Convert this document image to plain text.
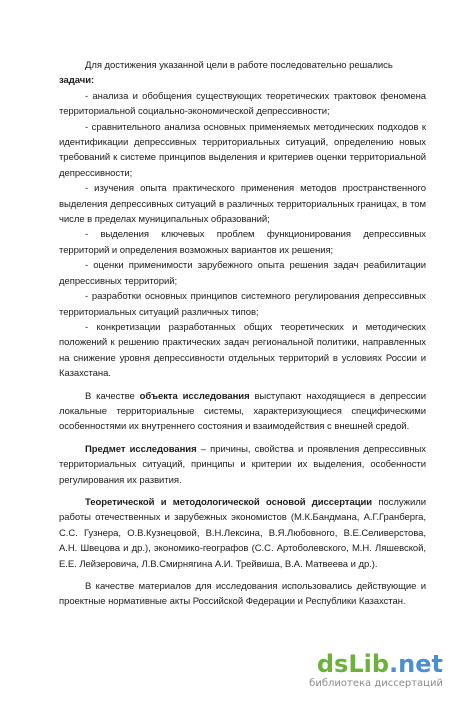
Для достижения указанной цели в работе последовательно решались

задачи:

- анализа и обобщения существующих теоретических трактовок феномена территориальной социально-экономической депрессивности;

- сравнительного анализа основных применяемых методических подходов к идентификации депрессивных территориальных ситуаций, определению новых требований к системе принципов выделения и критериев оценки территориальной депрессивности;

- изучения опыта практического применения методов пространственного выделения депрессивных ситуаций в различных территориальных границах, в том числе в пределах муниципальных образований;

- выделения ключевых проблем функционирования депрессивных территорий и определения возможных вариантов их решения;

- оценки применимости зарубежного опыта решения задач реабилитации депрессивных территорий;

- разработки основных принципов системного регулирования депрессивных территориальных ситуаций различных типов;

- конкретизации разработанных общих теоретических и методических положений к решению практических задач региональной политики, направленных на снижение уровня депрессивности отдельных территорий в условиях России и Казахстана.

В качестве объекта исследования выступают находящиеся в депрессии локальные территориальные системы, характеризующиеся специфическими особенностями их внутреннего состояния и взаимодействия с внешней средой.

Предмет исследования – причины, свойства и проявления депрессивных территориальных ситуаций, принципы и критерии их выделения, особенности регулирования их развития.

Теоретической и методологической основой диссертации послужили работы отечественных и зарубежных экономистов (М.К.Бандмана, А.Г.Гранберга, С.С. Гузнера, О.В.Кузнецовой, В.Н.Лексина, В.Я.Любовного, В.Е.Селиверстова, А.Н. Швецова и др.), экономико-географов (С.С. Артоболевского, М.Н. Ляшевской, Е.Е. Лейзеровича, Л.В.Смирнягина А.И. Трейвиша, В.А. Матвеева и др.).

В качестве материалов для исследования использовались действующие и проектные нормативные акты Российской Федерации и Республики Казахстан.

dsLib.net
библиотека диссертаций
